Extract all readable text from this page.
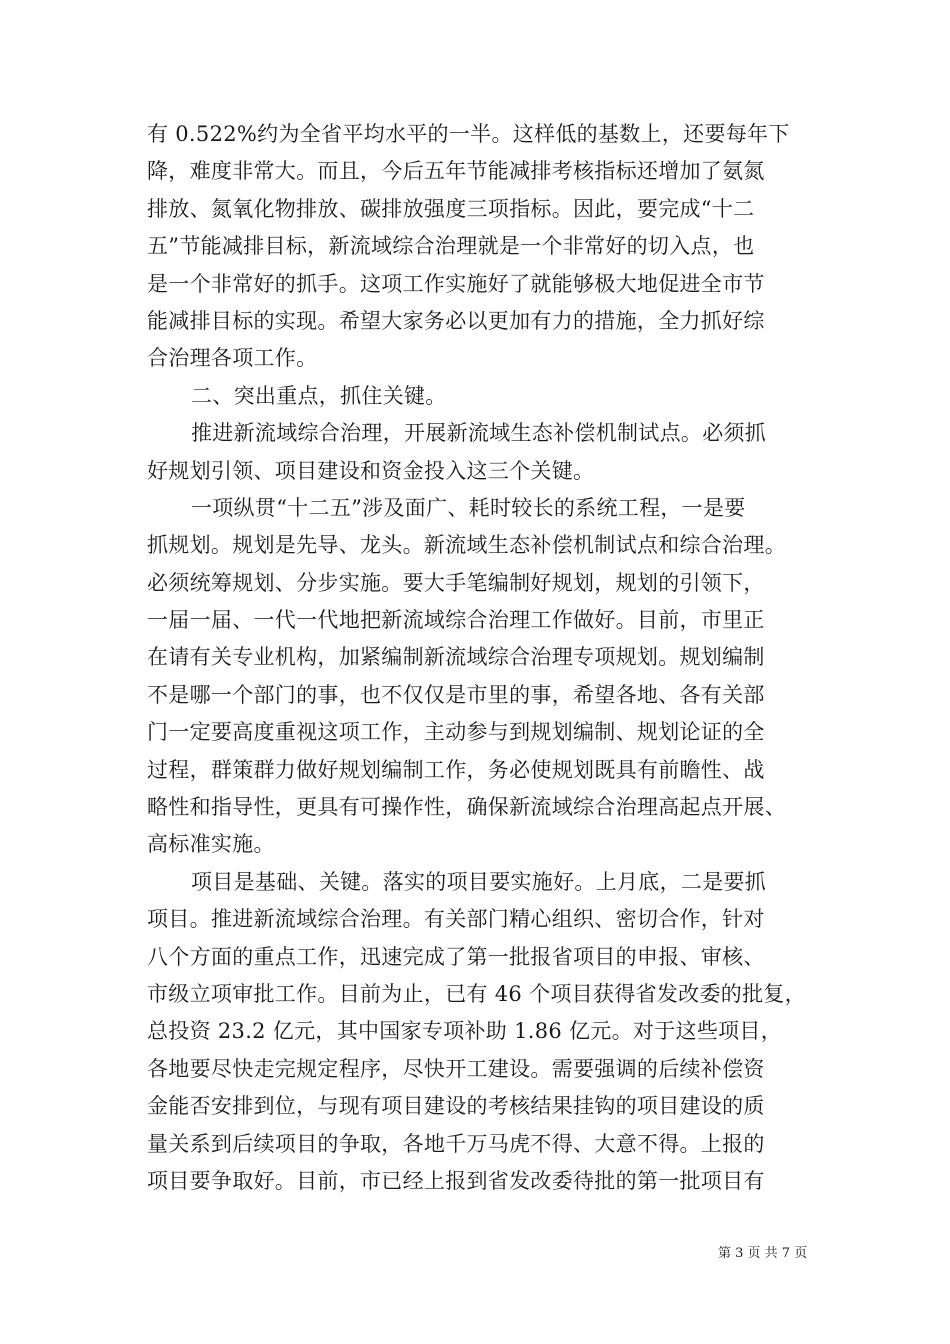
有 0.522%约为全省平均水平的一半。这样低的基数上，还要每年下
降，难度非常大。而且，今后五年节能减排考核指标还增加了氨氮
排放、氮氧化物排放、碳排放强度三项指标。因此，要完成“十二
五”节能减排目标，新流域综合治理就是一个非常好的切入点，也
是一个非常好的抓手。这项工作实施好了就能够极大地促进全市节
能减排目标的实现。希望大家务必以更加有力的措施，全力抓好综
合治理各项工作。
二、突出重点，抓住关键。
推进新流域综合治理，开展新流域生态补偿机制试点。必须抓
好规划引领、项目建设和资金投入这三个关键。
一项纵贯“十二五”涉及面广、耗时较长的系统工程，一是要
抓规划。规划是先导、龙头。新流域生态补偿机制试点和综合治理。
必须统筹规划、分步实施。要大手笔编制好规划，规划的引领下，
一届一届、一代一代地把新流域综合治理工作做好。目前，市里正
在请有关专业机构，加紧编制新流域综合治理专项规划。规划编制
不是哪一个部门的事，也不仅仅是市里的事，希望各地、各有关部
门一定要高度重视这项工作，主动参与到规划编制、规划论证的全
过程，群策群力做好规划编制工作，务必使规划既具有前瞻性、战
略性和指导性，更具有可操作性，确保新流域综合治理高起点开展、
高标准实施。
项目是基础、关键。落实的项目要实施好。上月底，二是要抓
项目。推进新流域综合治理。有关部门精心组织、密切合作，针对
八个方面的重点工作，迅速完成了第一批报省项目的申报、审核、
市级立项审批工作。目前为止，已有 46 个项目获得省发改委的批复，
总投资 23.2 亿元，其中国家专项补助 1.86 亿元。对于这些项目，
各地要尽快走完规定程序，尽快开工建设。需要强调的后续补偿资
金能否安排到位，与现有项目建设的考核结果挂钩的项目建设的质
量关系到后续项目的争取，各地千万马虎不得、大意不得。上报的
项目要争取好。目前，市已经上报到省发改委待批的第一批项目有
第 3 页 共 7 页
